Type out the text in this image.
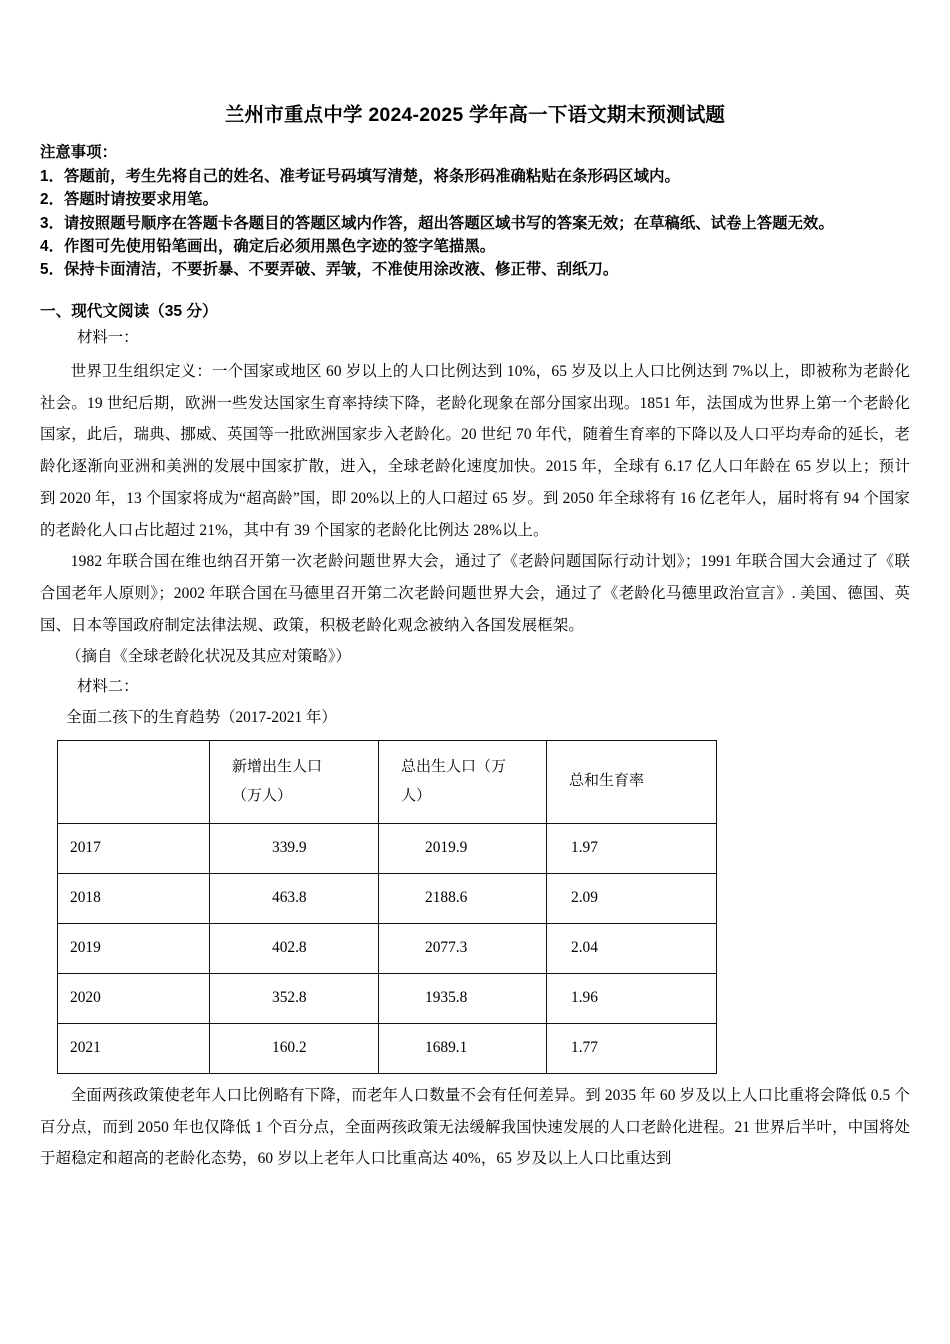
兰州市重点中学 2024-2025 学年高一下语文期末预测试题

注意事项：

1．答题前，考生先将自己的姓名、准考证号码填写清楚，将条形码准确粘贴在条形码区域内。
2．答题时请按要求用笔。
3．请按照题号顺序在答题卡各题目的答题区域内作答，超出答题区域书写的答案无效；在草稿纸、试卷上答题无效。
4．作图可先使用铅笔画出，确定后必须用黑色字迹的签字笔描黑。
5．保持卡面清洁，不要折暴、不要弄破、弄皱，不准使用涂改液、修正带、刮纸刀。
一、现代文阅读（35 分）

材料一：

世界卫生组织定义：一个国家或地区 60 岁以上的人口比例达到 10%，65 岁及以上人口比例达到 7%以上，即被称为老龄化社会。19 世纪后期，欧洲一些发达国家生育率持续下降，老龄化现象在部分国家出现。1851 年，法国成为世界上第一个老龄化国家，此后，瑞典、挪威、英国等一批欧洲国家步入老龄化。20 世纪 70 年代，随着生育率的下降以及人口平均寿命的延长，老龄化逐渐向亚洲和美洲的发展中国家扩散，进入，全球老龄化速度加快。2015 年，全球有 6.17 亿人口年龄在 65 岁以上；预计到 2020 年，13 个国家将成为“超高龄”国，即 20%以上的人口超过 65 岁。到 2050 年全球将有 16 亿老年人，届时将有 94 个国家的老龄化人口占比超过 21%，其中有 39 个国家的老龄化比例达 28%以上。

1982 年联合国在维也纳召开第一次老龄问题世界大会，通过了《老龄问题国际行动计划》；1991 年联合国大会通过了《联合国老年人原则》；2002 年联合国在马德里召开第二次老龄问题世界大会，通过了《老龄化马德里政治宣言》. 美国、德国、英国、日本等国政府制定法律法规、政策，积极老龄化观念被纳入各国发展框架。

（摘自《全球老龄化状况及其应对策略》）

材料二：

全面二孩下的生育趋势（2017-2021 年）

	新增出生人口
（万人）	总出生人口（万
人）	总和生育率
2017	339.9	2019.9	1.97
2018	463.8	2188.6	2.09
2019	402.8	2077.3	2.04
2020	352.8	1935.8	1.96
2021	160.2	1689.1	1.77

全面两孩政策使老年人口比例略有下降，而老年人口数量不会有任何差异。到 2035 年 60 岁及以上人口比重将会降低 0.5 个百分点，而到 2050 年也仅降低 1 个百分点，全面两孩政策无法缓解我国快速发展的人口老龄化进程。21 世界后半叶，中国将处于超稳定和超高的老龄化态势，60 岁以上老年人口比重高达 40%，65 岁及以上人口比重达到
